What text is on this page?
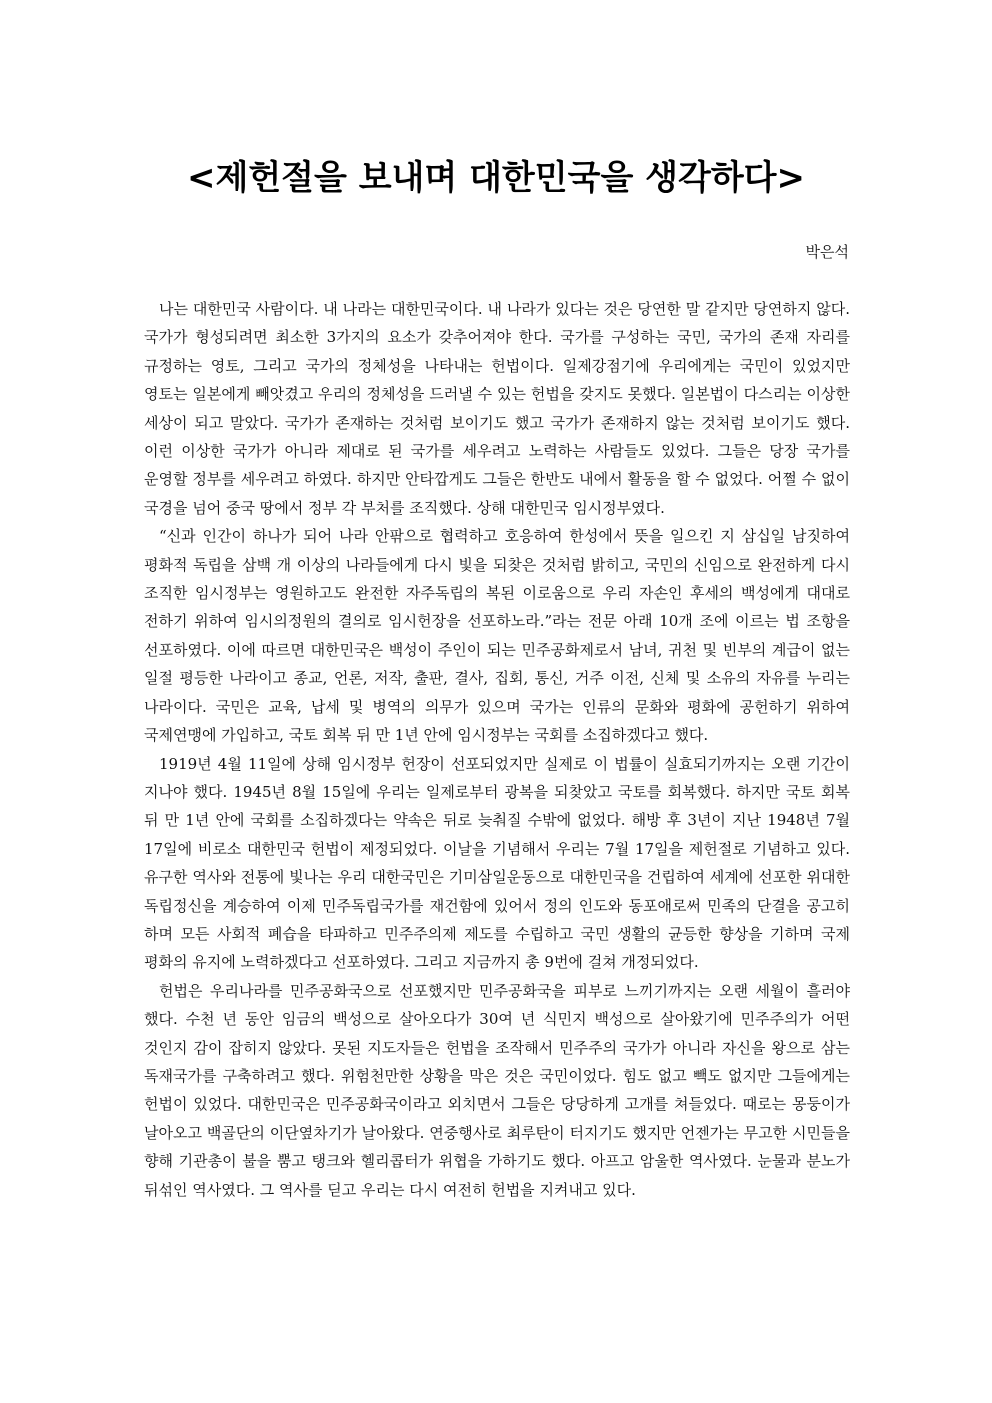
<제헌절을 보내며 대한민국을 생각하다>

박은석

나는 대한민국 사람이다. 내 나라는 대한민국이다. 내 나라가 있다는 것은 당연한 말 같지만 당연하지 않다. 국가가 형성되려면 최소한 3가지의 요소가 갖추어져야 한다. 국가를 구성하는 국민, 국가의 존재 자리를 규정하는 영토, 그리고 국가의 정체성을 나타내는 헌법이다. 일제강점기에 우리에게는 국민이 있었지만 영토는 일본에게 빼앗겼고 우리의 정체성을 드러낼 수 있는 헌법을 갖지도 못했다. 일본법이 다스리는 이상한 세상이 되고 말았다. 국가가 존재하는 것처럼 보이기도 했고 국가가 존재하지 않는 것처럼 보이기도 했다. 이런 이상한 국가가 아니라 제대로 된 국가를 세우려고 노력하는 사람들도 있었다. 그들은 당장 국가를 운영할 정부를 세우려고 하였다. 하지만 안타깝게도 그들은 한반도 내에서 활동을 할 수 없었다. 어쩔 수 없이 국경을 넘어 중국 땅에서 정부 각 부처를 조직했다. 상해 대한민국 임시정부였다.

“신과 인간이 하나가 되어 나라 안팎으로 협력하고 호응하여 한성에서 뜻을 일으킨 지 삼십일 남짓하여 평화적 독립을 삼백 개 이상의 나라들에게 다시 빛을 되찾은 것처럼 밝히고, 국민의 신임으로 완전하게 다시 조직한 임시정부는 영원하고도 완전한 자주독립의 복된 이로움으로 우리 자손인 후세의 백성에게 대대로 전하기 위하여 임시의정원의 결의로 임시헌장을 선포하노라.”라는 전문 아래 10개 조에 이르는 법 조항을 선포하였다. 이에 따르면 대한민국은 백성이 주인이 되는 민주공화제로서 남녀, 귀천 및 빈부의 계급이 없는 일절 평등한 나라이고 종교, 언론, 저작, 출판, 결사, 집회, 통신, 거주 이전, 신체 및 소유의 자유를 누리는 나라이다. 국민은 교육, 납세 및 병역의 의무가 있으며 국가는 인류의 문화와 평화에 공헌하기 위하여 국제연맹에 가입하고, 국토 회복 뒤 만 1년 안에 임시정부는 국회를 소집하겠다고 했다.

1919년 4월 11일에 상해 임시정부 헌장이 선포되었지만 실제로 이 법률이 실효되기까지는 오랜 기간이 지나야 했다. 1945년 8월 15일에 우리는 일제로부터 광복을 되찾았고 국토를 회복했다. 하지만 국토 회복 뒤 만 1년 안에 국회를 소집하겠다는 약속은 뒤로 늦춰질 수밖에 없었다. 해방 후 3년이 지난 1948년 7월 17일에 비로소 대한민국 헌법이 제정되었다. 이날을 기념해서 우리는 7월 17일을 제헌절로 기념하고 있다. 유구한 역사와 전통에 빛나는 우리 대한국민은 기미삼일운동으로 대한민국을 건립하여 세계에 선포한 위대한 독립정신을 계승하여 이제 민주독립국가를 재건함에 있어서 정의 인도와 동포애로써 민족의 단결을 공고히 하며 모든 사회적 폐습을 타파하고 민주주의제 제도를 수립하고 국민 생활의 균등한 향상을 기하며 국제 평화의 유지에 노력하겠다고 선포하였다. 그리고 지금까지 총 9번에 걸쳐 개정되었다.

헌법은 우리나라를 민주공화국으로 선포했지만 민주공화국을 피부로 느끼기까지는 오랜 세월이 흘러야 했다. 수천 년 동안 임금의 백성으로 살아오다가 30여 년 식민지 백성으로 살아왔기에 민주주의가 어떤 것인지 감이 잡히지 않았다. 못된 지도자들은 헌법을 조작해서 민주주의 국가가 아니라 자신을 왕으로 삼는 독재국가를 구축하려고 했다. 위험천만한 상황을 막은 것은 국민이었다. 힘도 없고 빽도 없지만 그들에게는 헌법이 있었다. 대한민국은 민주공화국이라고 외치면서 그들은 당당하게 고개를 쳐들었다. 때로는 몽둥이가 날아오고 백골단의 이단옆차기가 날아왔다. 연중행사로 최루탄이 터지기도 했지만 언젠가는 무고한 시민들을 향해 기관총이 불을 뿜고 탱크와 헬리콥터가 위협을 가하기도 했다. 아프고 암울한 역사였다. 눈물과 분노가 뒤섞인 역사였다. 그 역사를 딛고 우리는 다시 여전히 헌법을 지켜내고 있다.
